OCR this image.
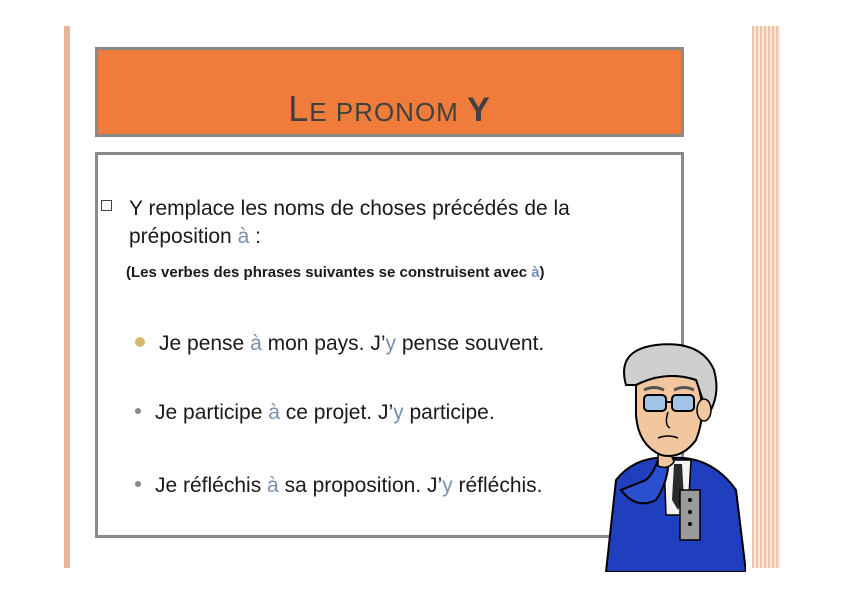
LE PRONOM Y
Y remplace les noms de choses précédés de la préposition à :
(Les verbes des phrases suivantes se construisent avec à)
Je pense à mon pays. J’y pense souvent.
Je participe à ce projet. J’y participe.
Je réfléchis à sa proposition. J’y réfléchis.
